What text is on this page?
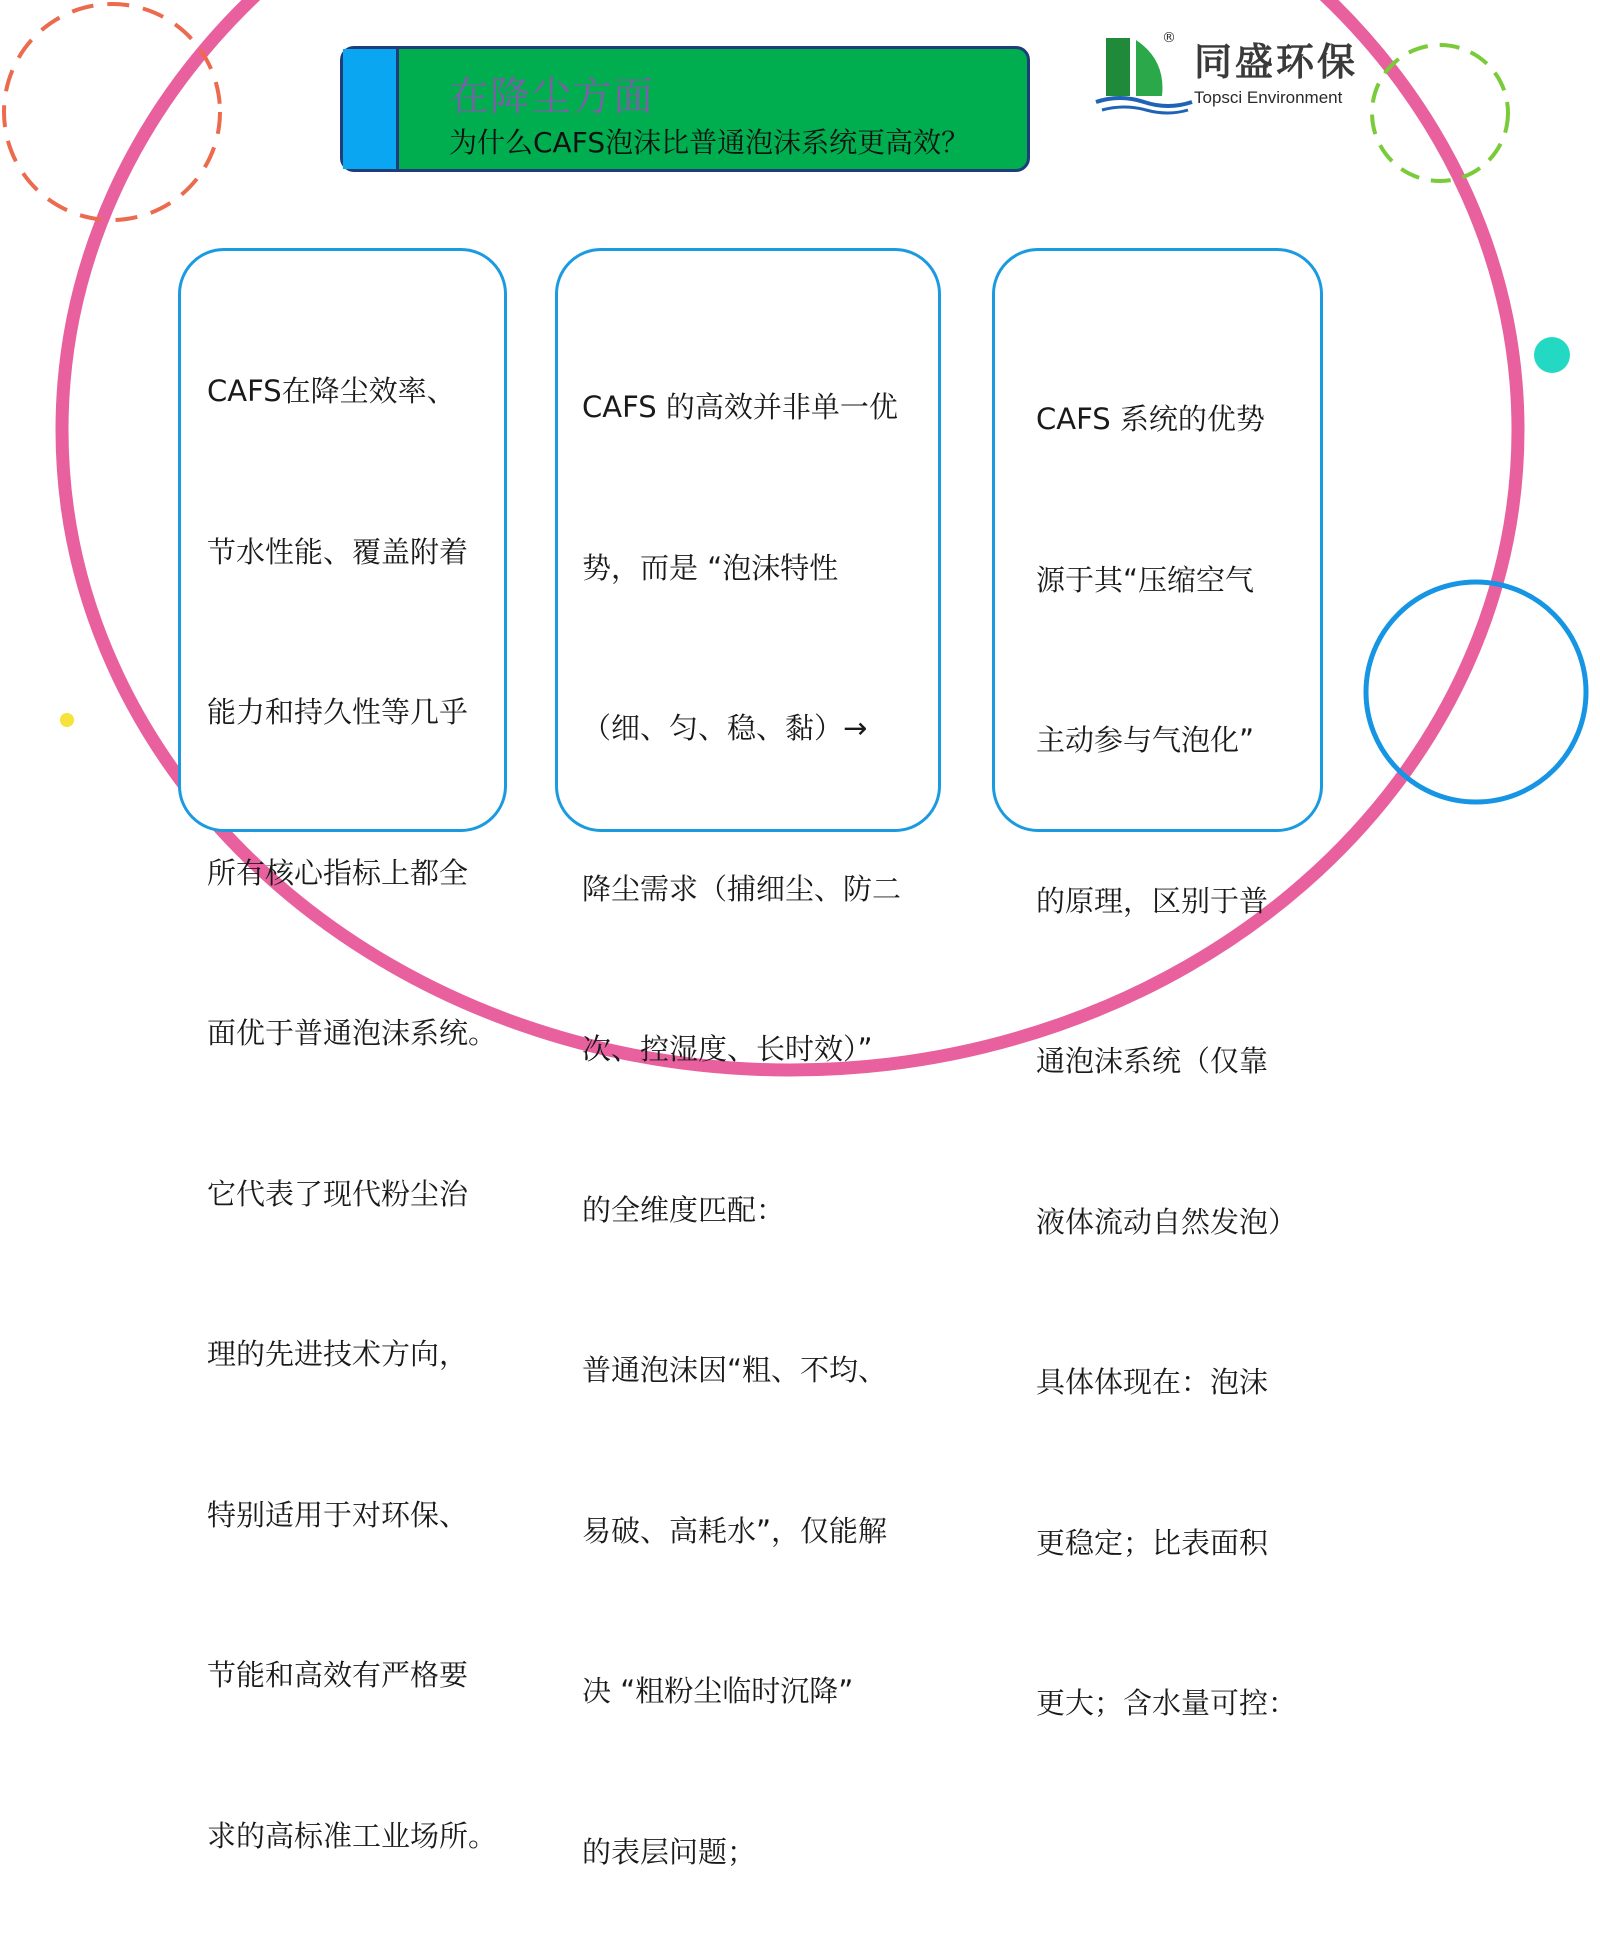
在降尘方面
为什么CAFS泡沫比普通泡沫系统更高效？
®
同盛环保
Topsci Environment

CAFS在降尘效率、

节水性能、覆盖附着

能力和持久性等几乎

所有核心指标上都全

面优于普通泡沫系统。

它代表了现代粉尘治

理的先进技术方向，

特别适用于对环保、

节能和高效有严格要

求的高标准工业场所。

CAFS 的高效并非单一优

势，而是 “泡沫特性

（细、匀、稳、黏）→

降尘需求（捕细尘、防二

次、控湿度、长时效）”

的全维度匹配：

普通泡沫因“粗、不均、

易破、高耗水”，仅能解

决 “粗粉尘临时沉降”

的表层问题；

CAFS 系统的优势

源于其“压缩空气

主动参与气泡化”

的原理，区别于普

通泡沫系统（仅靠

液体流动自然发泡）

具体体现在：泡沫

更稳定；比表面积

更大；含水量可控：
